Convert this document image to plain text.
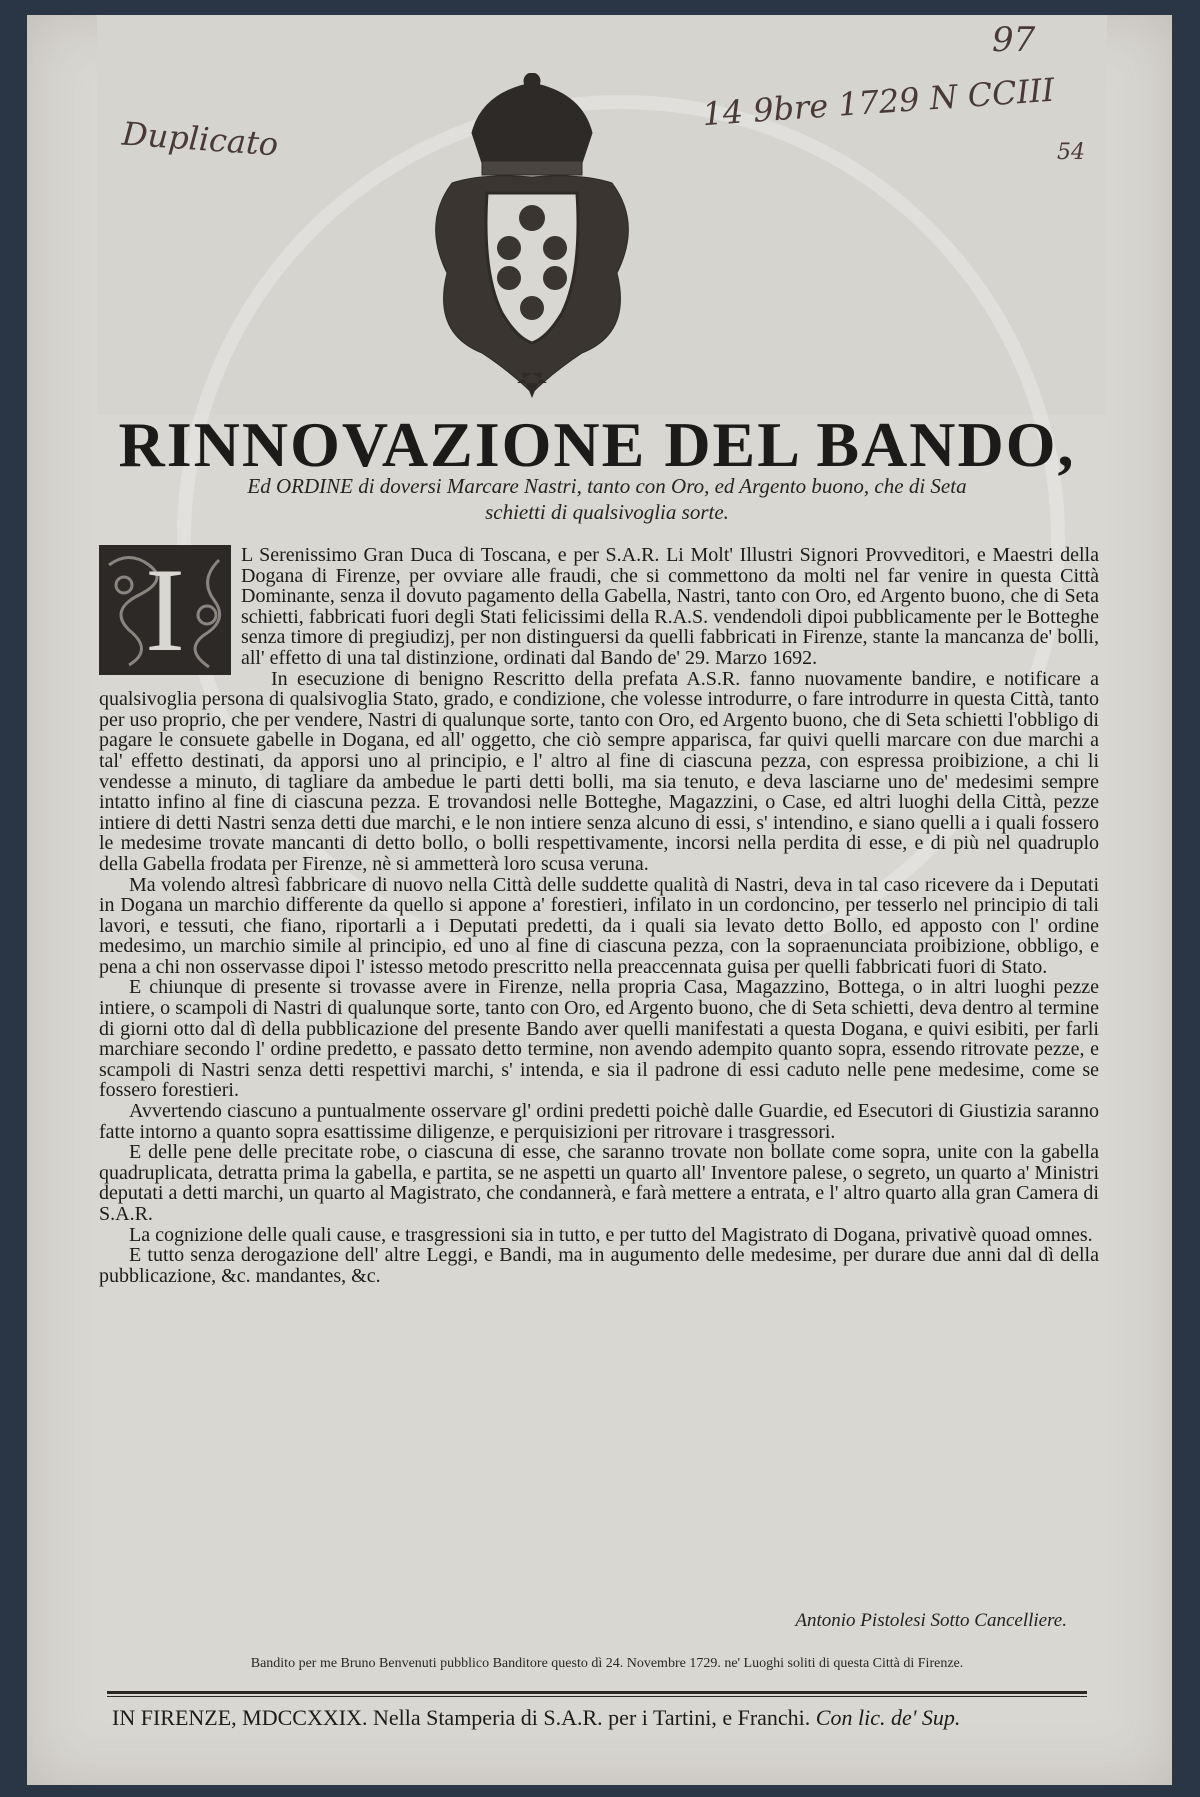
Duplicato
14 9bre 1729 N CCIII
97
54
RINNOVAZIONE DEL BANDO,
Ed ORDINE di doversi Marcare Nastri, tanto con Oro, ed Argento buono, che di Seta
schietti di qualsivoglia sorte.
I	L Serenissimo Gran Duca di Toscana, e per S.A.R. Li Molt' Illustri Signori Provveditori, e Maestri della Dogana di Firenze, per ovviare alle fraudi, che si commettono da molti nel far venire in questa Città Dominante, senza il dovuto pagamento della Gabella, Nastri, tanto con Oro, ed Argento buono, che di Seta schietti, fabbricati fuori degli Stati felicissimi della R.A.S. vendendoli dipoi pubblicamente per le Botteghe senza timore di pregiudizj, per non distinguersi da quelli fabbricati in Firenze, stante la mancanza de' bolli, all' effetto di una tal distinzione, ordinati dal Bando de' 29. Marzo 1692.

In esecuzione di benigno Rescritto della prefata A.S.R. fanno nuovamente bandire, e notificare a qualsivoglia persona di qualsivoglia Stato, grado, e condizione, che volesse introdurre, o fare introdurre in questa Città, tanto per uso proprio, che per vendere, Nastri di qualunque sorte, tanto con Oro, ed Argento buono, che di Seta schietti l'obbligo di pagare le consuete gabelle in Dogana, ed all' oggetto, che ciò sempre apparisca, far quivi quelli marcare con due marchi a tal' effetto destinati, da apporsi uno al principio, e l' altro al fine di ciascuna pezza, con espressa proibizione, a chi li vendesse a minuto, di tagliare da ambedue le parti detti bolli, ma sia tenuto, e deva lasciarne uno de' medesimi sempre intatto infino al fine di ciascuna pezza. E trovandosi nelle Botteghe, Magazzini, o Case, ed altri luoghi della Città, pezze intiere di detti Nastri senza detti due marchi, e le non intiere senza alcuno di essi, s' intendino, e siano quelli a i quali fossero le medesime trovate mancanti di detto bollo, o bolli respettivamente, incorsi nella perdita di esse, e di più nel quadruplo della Gabella frodata per Firenze, nè si ammetterà loro scusa veruna.

Ma volendo altresì fabbricare di nuovo nella Città delle suddette qualità di Nastri, deva in tal caso ricevere da i Deputati in Dogana un marchio differente da quello si appone a' forestieri, infilato in un cordoncino, per tesserlo nel principio di tali lavori, e tessuti, che fiano, riportarli a i Deputati predetti, da i quali sia levato detto Bollo, ed apposto con l' ordine medesimo, un marchio simile al principio, ed uno al fine di ciascuna pezza, con la sopraenunciata proibizione, obbligo, e pena a chi non osservasse dipoi l' istesso metodo prescritto nella preaccennata guisa per quelli fabbricati fuori di Stato.

E chiunque di presente si trovasse avere in Firenze, nella propria Casa, Magazzino, Bottega, o in altri luoghi pezze intiere, o scampoli di Nastri di qualunque sorte, tanto con Oro, ed Argento buono, che di Seta schietti, deva dentro al termine di giorni otto dal dì della pubblicazione del presente Bando aver quelli manifestati a questa Dogana, e quivi esibiti, per farli marchiare secondo l' ordine predetto, e passato detto termine, non avendo adempito quanto sopra, essendo ritrovate pezze, e scampoli di Nastri senza detti respettivi marchi, s' intenda, e sia il padrone di essi caduto nelle pene medesime, come se fossero forestieri.

Avvertendo ciascuno a puntualmente osservare gl' ordini predetti poichè dalle Guardie, ed Esecutori di Giustizia saranno fatte intorno a quanto sopra esattissime diligenze, e perquisizioni per ritrovare i trasgressori.

E delle pene delle precitate robe, o ciascuna di esse, che saranno trovate non bollate come sopra, unite con la gabella quadruplicata, detratta prima la gabella, e partita, se ne aspetti un quarto all' Inventore palese, o segreto, un quarto a' Ministri deputati a detti marchi, un quarto al Magistrato, che condannerà, e farà mettere a entrata, e l' altro quarto alla gran Camera di S.A.R.

La cognizione delle quali cause, e trasgressioni sia in tutto, e per tutto del Magistrato di Dogana, privativè quoad omnes.

E tutto senza derogazione dell' altre Leggi, e Bandi, ma in augumento delle medesime, per durare due anni dal dì della pubblicazione, &c. mandantes, &c.

Antonio Pistolesi Sotto Cancelliere.
Bandito per me Bruno Benvenuti pubblico Banditore questo dì 24. Novembre 1729. ne' Luoghi soliti di questa Città di Firenze.
IN FIRENZE, MDCCXXIX. Nella Stamperia di S.A.R. per i Tartini, e Franchi. Con lic. de' Sup.
